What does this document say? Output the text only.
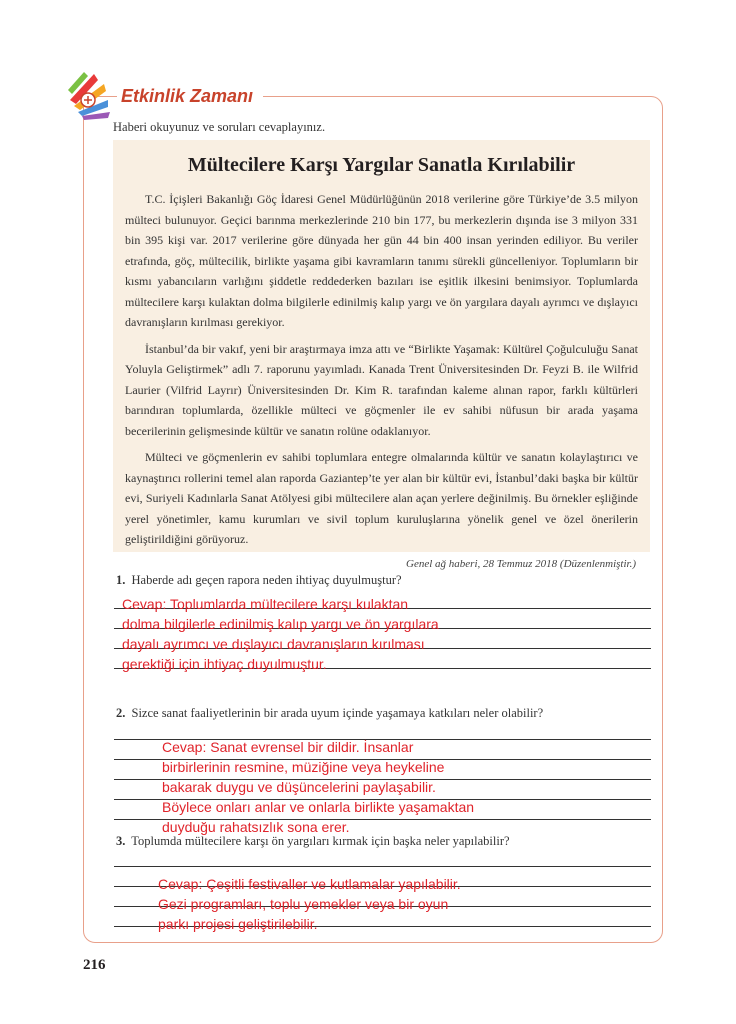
Etkinlik Zamanı
Haberi okuyunuz ve soruları cevaplayınız.
Mültecilere Karşı Yargılar Sanatla Kırılabilir

T.C. İçişleri Bakanlığı Göç İdaresi Genel Müdürlüğünün 2018 verilerine göre Türkiye’de 3.5 milyon mülteci bulunuyor. Geçici barınma merkezlerinde 210 bin 177, bu merkezlerin dışında ise 3 milyon 331 bin 395 kişi var. 2017 verilerine göre dünyada her gün 44 bin 400 insan yerinden ediliyor. Bu veriler etrafında, göç, mültecilik, birlikte yaşama gibi kavramların tanımı sürekli güncelleniyor. Toplumların bir kısmı yabancıların varlığını şiddetle reddederken bazıları ise eşitlik ilkesini benimsiyor. Toplumlarda mültecilere karşı kulaktan dolma bilgilerle edinilmiş kalıp yargı ve ön yargılara dayalı ayrımcı ve dışlayıcı davranışların kırılması gerekiyor.

İstanbul’da bir vakıf, yeni bir araştırmaya imza attı ve “Birlikte Yaşamak: Kültürel Çoğulculuğu Sanat Yoluyla Geliştirmek” adlı 7. raporunu yayımladı. Kanada Trent Üniversitesinden Dr. Feyzi B. ile Wilfrid Laurier (Vilfrid Layrır) Üniversitesinden Dr. Kim R. tarafından kaleme alınan rapor, farklı kültürleri barındıran toplumlarda, özellikle mülteci ve göçmenler ile ev sahibi nüfusun bir arada yaşama becerilerinin gelişmesinde kültür ve sanatın rolüne odaklanıyor.

Mülteci ve göçmenlerin ev sahibi toplumlara entegre olmalarında kültür ve sanatın kolaylaştırıcı ve kaynaştırıcı rollerini temel alan raporda Gaziantep’te yer alan bir kültür evi, İstanbul’daki başka bir kültür evi, Suriyeli Kadınlarla Sanat Atölyesi gibi mültecilere alan açan yerlere değinilmiş. Bu örnekler eşliğinde yerel yönetimler, kamu kurumları ve sivil toplum kuruluşlarına yönelik genel ve özel önerilerin geliştirildiğini görüyoruz.

Genel ağ haberi, 28 Temmuz 2018 (Düzenlenmiştir.)
1. Haberde adı geçen rapora neden ihtiyaç duyulmuştur?
Cevap: Toplumlarda mültecilere karşı kulaktan
dolma bilgilerle edinilmiş kalıp yargı ve ön yargılara
dayalı ayrımcı ve dışlayıcı davranışların kırılması
gerektiği için ihtiyaç duyulmuştur.
2. Sizce sanat faaliyetlerinin bir arada uyum içinde yaşamaya katkıları neler olabilir?
Cevap: Sanat evrensel bir dildir. İnsanlar
birbirlerinin resmine, müziğine veya heykeline
bakarak duygu ve düşüncelerini paylaşabilir.
Böylece onları anlar ve onlarla birlikte yaşamaktan
duyduğu rahatsızlık sona erer.
3. Toplumda mültecilere karşı ön yargıları kırmak için başka neler yapılabilir?
Cevap: Çeşitli festivaller ve kutlamalar yapılabilir.
Gezi programları, toplu yemekler veya bir oyun
parkı projesi geliştirilebilir.
216
